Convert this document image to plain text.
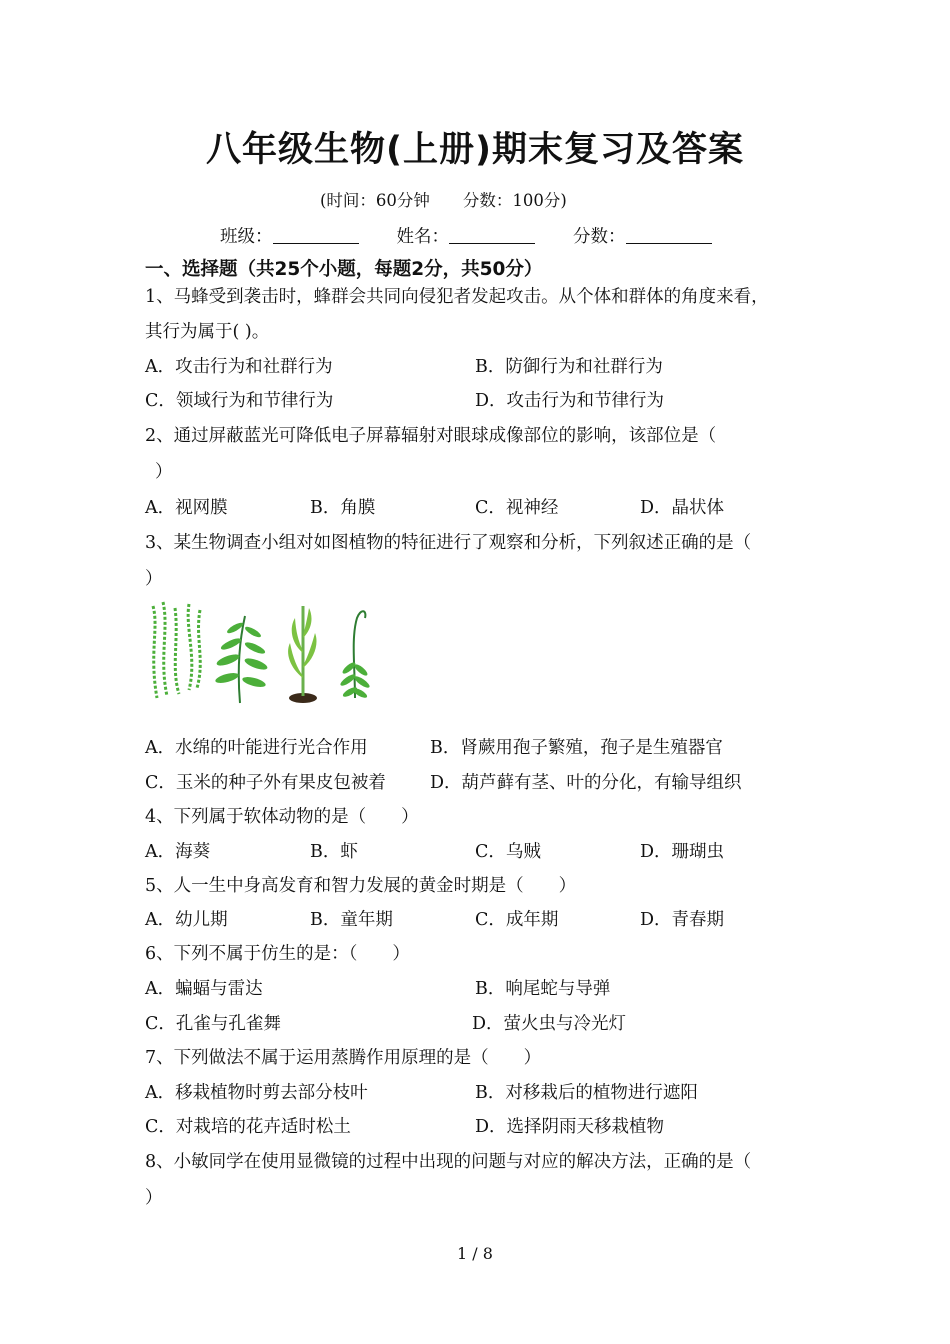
八年级生物(上册)期末复习及答案
(时间：60分钟　　分数：100分)
班级：	姓名：	分数：
一、选择题（共25个小题，每题2分，共50分）
1、马蜂受到袭击时，蜂群会共同向侵犯者发起攻击。从个体和群体的角度来看，
其行为属于( )。
A．攻击行为和社群行为	B．防御行为和社群行为
C．领域行为和节律行为	D．攻击行为和节律行为
2、通过屏蔽蓝光可降低电子屏幕辐射对眼球成像部位的影响，该部位是（
）
A．视网膜	B．角膜	C．视神经	D．晶状体
3、某生物调查小组对如图植物的特征进行了观察和分析，下列叙述正确的是（
）
A．水绵的叶能进行光合作用	B．肾蕨用孢子繁殖，孢子是生殖器官
C．玉米的种子外有果皮包被着	D．葫芦藓有茎、叶的分化，有输导组织
4、下列属于软体动物的是（　　）
A．海葵	B．虾	C．乌贼	D．珊瑚虫
5、人一生中身高发育和智力发展的黄金时期是（　　）
A．幼儿期	B．童年期	C．成年期	D．青春期
6、下列不属于仿生的是：（　　）
A．蝙蝠与雷达	B．响尾蛇与导弹
C．孔雀与孔雀舞	D．萤火虫与冷光灯
7、下列做法不属于运用蒸腾作用原理的是（　　）
A．移栽植物时剪去部分枝叶	B．对移栽后的植物进行遮阳
C．对栽培的花卉适时松土	D．选择阴雨天移栽植物
8、小敏同学在使用显微镜的过程中出现的问题与对应的解决方法，正确的是（
）
1 / 8
